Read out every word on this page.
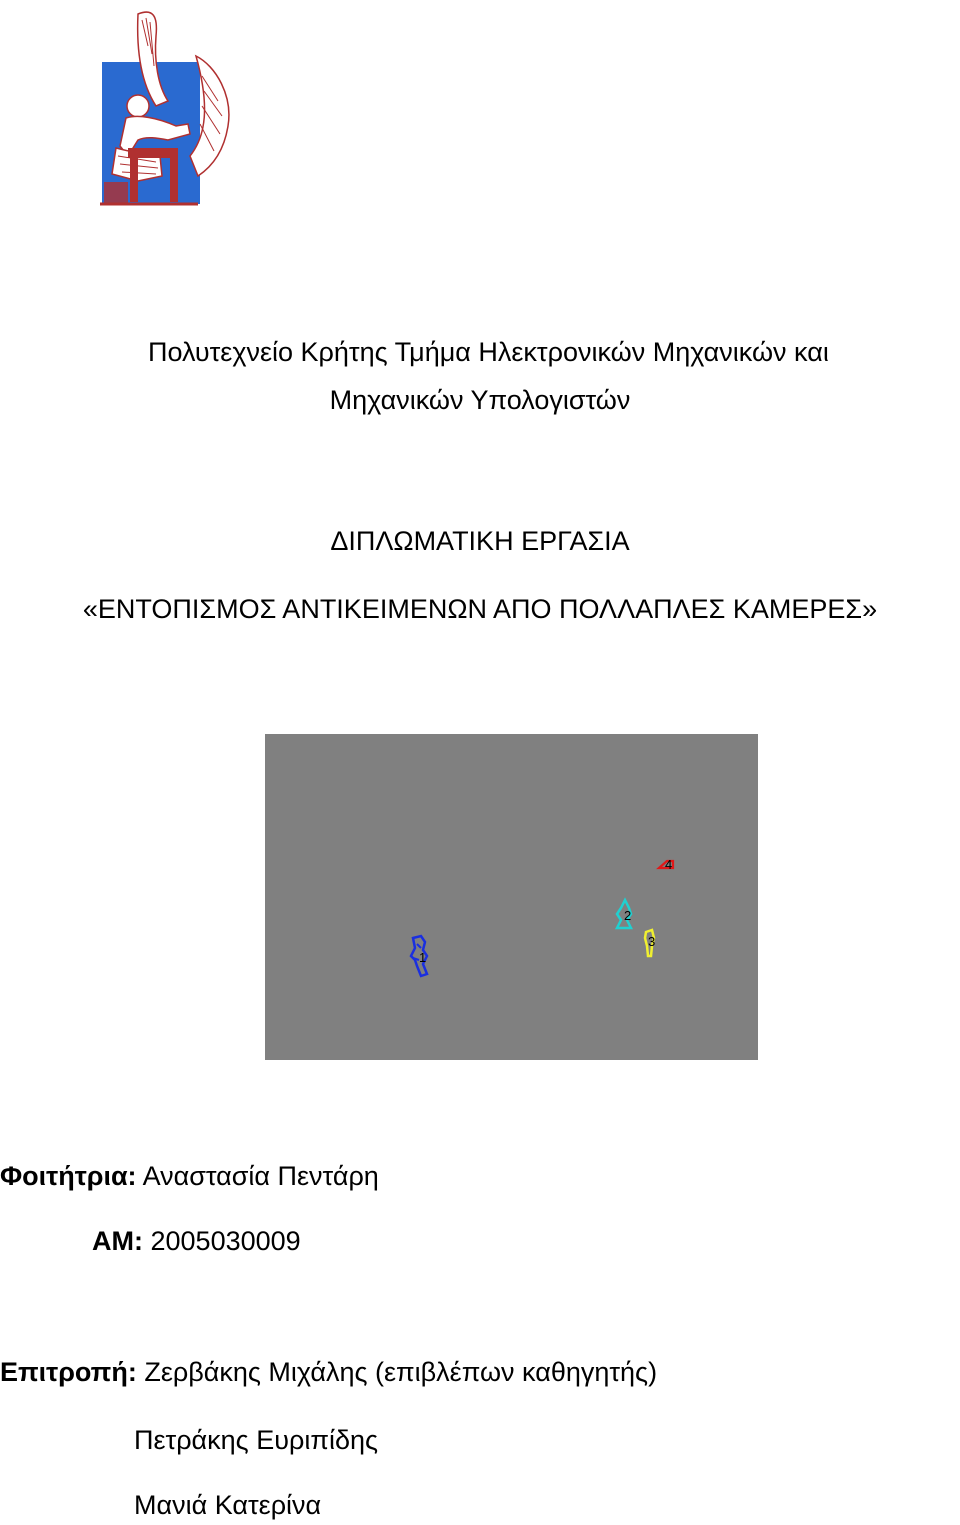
Πολυτεχνείο Κρήτης Τμήμα Ηλεκτρονικών Μηχανικών και
Μηχανικών Υπολογιστών
ΔΙΠΛΩΜΑΤΙΚΗ ΕΡΓΑΣΙΑ
«ΕΝΤΟΠΙΣΜΟΣ ΑΝΤΙΚΕΙΜΕΝΩΝ ΑΠΟ ΠΟΛΛΑΠΛΕΣ ΚΑΜΕΡΕΣ»
1
2
3
4
Φοιτήτρια: Αναστασία Πεντάρη
ΑΜ: 2005030009
Επιτροπή: Ζερβάκης Μιχάλης (επιβλέπων καθηγητής)
Πετράκης Ευριπίδης
Μανιά Κατερίνα
